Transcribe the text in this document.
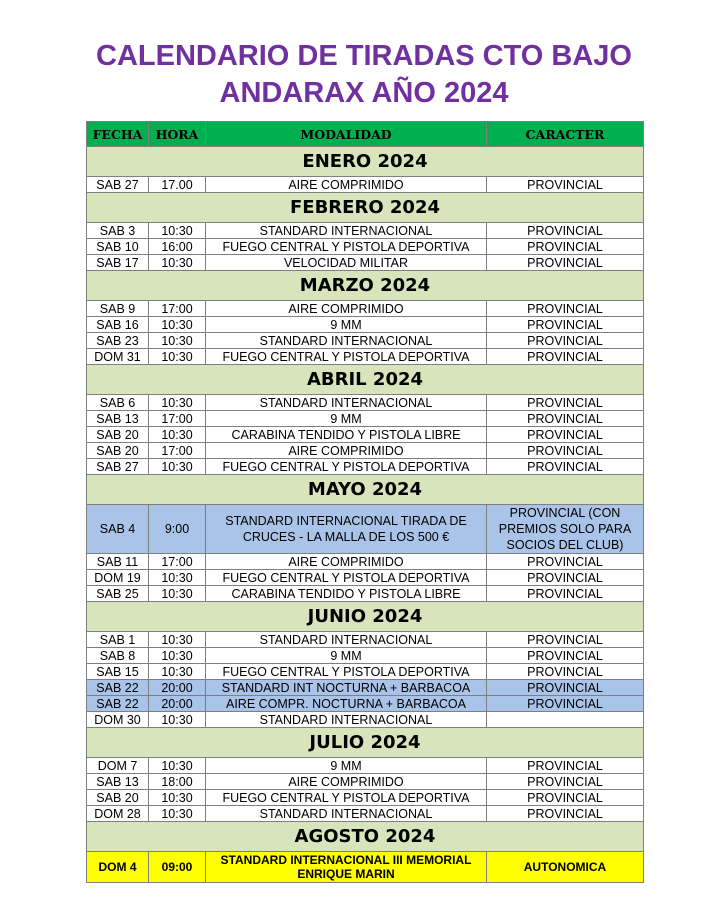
CALENDARIO DE TIRADAS CTO BAJO
ANDARAX AÑO 2024
FECHA	HORA	MODALIDAD	CARACTER
ENERO 2024			
SAB 27	17.00	AIRE COMPRIMIDO	PROVINCIAL
FEBRERO 2024			
SAB 3	10:30	STANDARD INTERNACIONAL	PROVINCIAL
SAB 10	16:00	FUEGO CENTRAL Y PISTOLA DEPORTIVA	PROVINCIAL
SAB 17	10:30	VELOCIDAD MILITAR	PROVINCIAL
MARZO 2024			
SAB 9	17:00	AIRE COMPRIMIDO	PROVINCIAL
SAB 16	10:30	9 MM	PROVINCIAL
SAB 23	10:30	STANDARD INTERNACIONAL	PROVINCIAL
DOM 31	10:30	FUEGO CENTRAL Y PISTOLA DEPORTIVA	PROVINCIAL
ABRIL 2024			
SAB 6	10:30	STANDARD INTERNACIONAL	PROVINCIAL
SAB 13	17:00	9 MM	PROVINCIAL
SAB 20	10:30	CARABINA TENDIDO Y PISTOLA LIBRE	PROVINCIAL
SAB 20	17:00	AIRE COMPRIMIDO	PROVINCIAL
SAB 27	10:30	FUEGO CENTRAL Y PISTOLA DEPORTIVA	PROVINCIAL
MAYO 2024			
SAB 4	9:00	STANDARD INTERNACIONAL TIRADA DE CRUCES - LA MALLA DE LOS 500 €	PROVINCIAL (CON PREMIOS SOLO PARA SOCIOS DEL CLUB)
SAB 11	17:00	AIRE COMPRIMIDO	PROVINCIAL
DOM 19	10:30	FUEGO CENTRAL Y PISTOLA DEPORTIVA	PROVINCIAL
SAB 25	10:30	CARABINA TENDIDO Y PISTOLA LIBRE	PROVINCIAL
JUNIO 2024			
SAB 1	10:30	STANDARD INTERNACIONAL	PROVINCIAL
SAB 8	10:30	9 MM	PROVINCIAL
SAB 15	10:30	FUEGO CENTRAL Y PISTOLA DEPORTIVA	PROVINCIAL
SAB 22	20:00	STANDARD INT NOCTURNA + BARBACOA	PROVINCIAL
SAB 22	20:00	AIRE COMPR. NOCTURNA + BARBACOA	PROVINCIAL
DOM 30	10:30	STANDARD INTERNACIONAL	
JULIO 2024			
DOM 7	10:30	9 MM	PROVINCIAL
SAB 13	18:00	AIRE COMPRIMIDO	PROVINCIAL
SAB 20	10:30	FUEGO CENTRAL Y PISTOLA DEPORTIVA	PROVINCIAL
DOM 28	10:30	STANDARD INTERNACIONAL	PROVINCIAL
AGOSTO 2024			
DOM 4	09:00	STANDARD INTERNACIONAL III MEMORIAL ENRIQUE MARIN	AUTONOMICA
